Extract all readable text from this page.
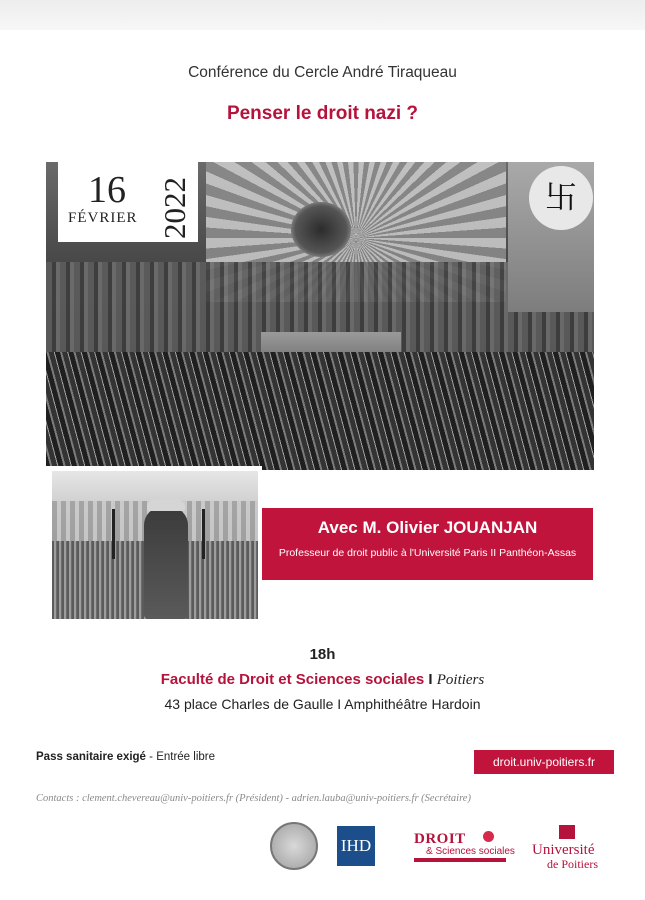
Conférence du Cercle André Tiraqueau
Penser le droit nazi ?
卐
16
FÉVRIER 2022
Avec M. Olivier JOUANJAN
Professeur de droit public à l'Université Paris II Panthéon-Assas
18h
Faculté de Droit et Sciences sociales I Poitiers
43 place Charles de Gaulle I Amphithéâtre Hardoin
Pass sanitaire exigé - Entrée libre	droit.univ-poitiers.fr
Contacts : clement.chevereau@univ-poitiers.fr (Président) - adrien.lauba@univ-poitiers.fr (Secrétaire)
IHD	DROIT
& Sciences sociales Université
de Poitiers
